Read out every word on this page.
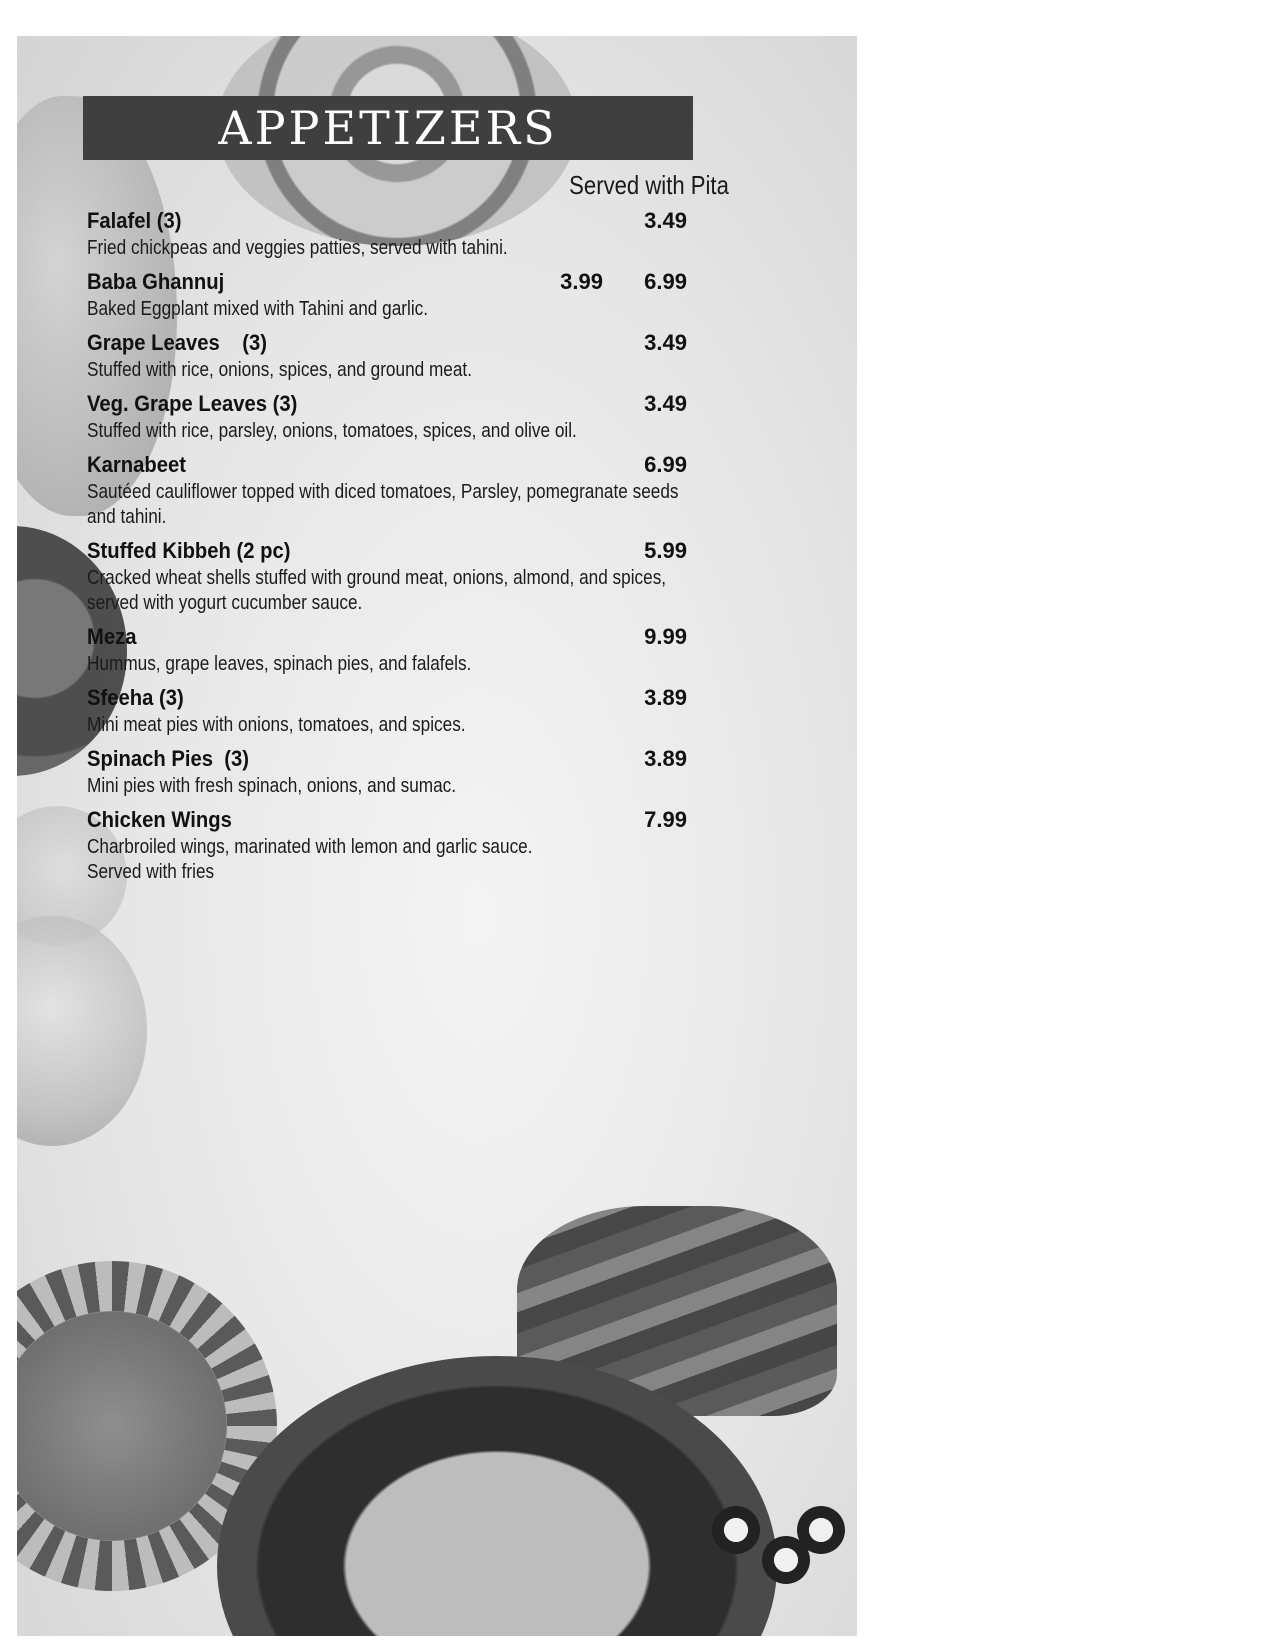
APPETIZERS
Served with Pita
Falafel (3)	3.49
Fried chickpeas and veggies patties, served with tahini.
Baba Ghannuj	3.99 6.99
Baked Eggplant mixed with Tahini and garlic.
Grape Leaves    (3)	3.49
Stuffed with rice, onions, spices, and ground meat.
Veg. Grape Leaves (3)	3.49
Stuffed with rice, parsley, onions, tomatoes, spices, and olive oil.
Karnabeet	6.99
Sautéed cauliflower topped with diced tomatoes, Parsley, pomegranate seeds and tahini.
Stuffed Kibbeh (2 pc)	5.99
Cracked wheat shells stuffed with ground meat, onions, almond, and spices, served with yogurt cucumber sauce.
Meza	9.99
Hummus, grape leaves, spinach pies, and falafels.
Sfeeha (3)	3.89
Mini meat pies with onions, tomatoes, and spices.
Spinach Pies  (3)	3.89
Mini pies with fresh spinach, onions, and sumac.
Chicken Wings	7.99
Charbroiled wings, marinated with lemon and garlic sauce. Served with fries
